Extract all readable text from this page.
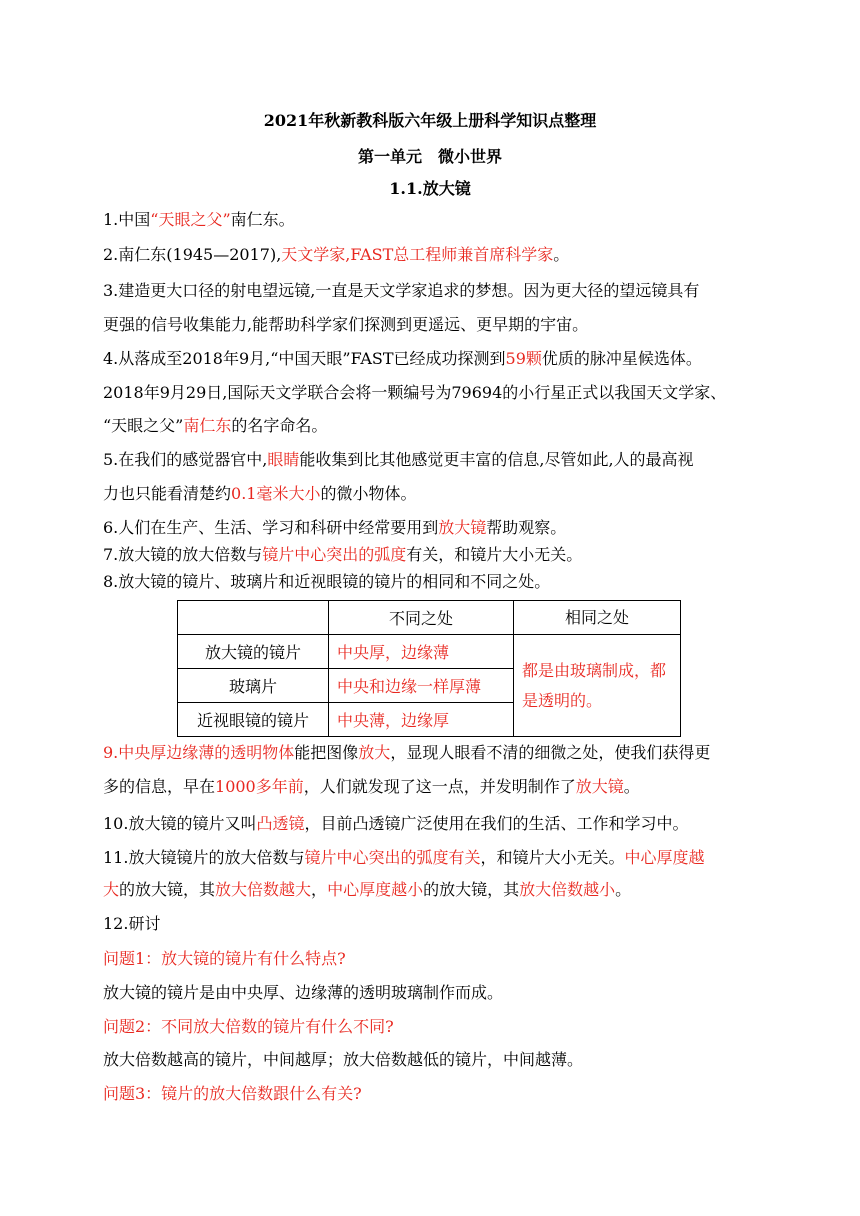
2021年秋新教科版六年级上册科学知识点整理
第一单元　微小世界
1.1.放大镜
1.中国“天眼之父”南仁东。
2.南仁东(1945—2017),天文学家,FAST总工程师兼首席科学家。
3.建造更大口径的射电望远镜,一直是天文学家追求的梦想。因为更大径的望远镜具有
更强的信号收集能力,能帮助科学家们探测到更遥远、更早期的宇宙。
4.从落成至2018年9月,“中国天眼”FAST已经成功探测到59颗优质的脉冲星候选体。
2018年9月29日,国际天文学联合会将一颗编号为79694的小行星正式以我国天文学家、
“天眼之父”南仁东的名字命名。
5.在我们的感觉器官中,眼睛能收集到比其他感觉更丰富的信息,尽管如此,人的最高视
力也只能看清楚约0.1毫米大小的微小物体。
6.人们在生产、生活、学习和科研中经常要用到放大镜帮助观察。
7.放大镜的放大倍数与镜片中心突出的弧度有关，和镜片大小无关。
8.放大镜的镜片、玻璃片和近视眼镜的镜片的相同和不同之处。
9.中央厚边缘薄的透明物体能把图像放大，显现人眼看不清的细微之处，使我们获得更
多的信息，早在1000多年前，人们就发现了这一点，并发明制作了放大镜。
10.放大镜的镜片又叫凸透镜，目前凸透镜广泛使用在我们的生活、工作和学习中。
11.放大镜镜片的放大倍数与镜片中心突出的弧度有关，和镜片大小无关。中心厚度越
大的放大镜，其放大倍数越大，中心厚度越小的放大镜，其放大倍数越小。
12.研讨
问题1：放大镜的镜片有什么特点?
放大镜的镜片是由中央厚、边缘薄的透明玻璃制作而成。
问题2：不同放大倍数的镜片有什么不同?
放大倍数越高的镜片，中间越厚；放大倍数越低的镜片，中间越薄。
问题3：镜片的放大倍数跟什么有关?
	不同之处	相同之处
放大镜的镜片	中央厚，边缘薄	都是由玻璃制成，都是透明的。
玻璃片	中央和边缘一样厚薄	
近视眼镜的镜片	中央薄，边缘厚	
